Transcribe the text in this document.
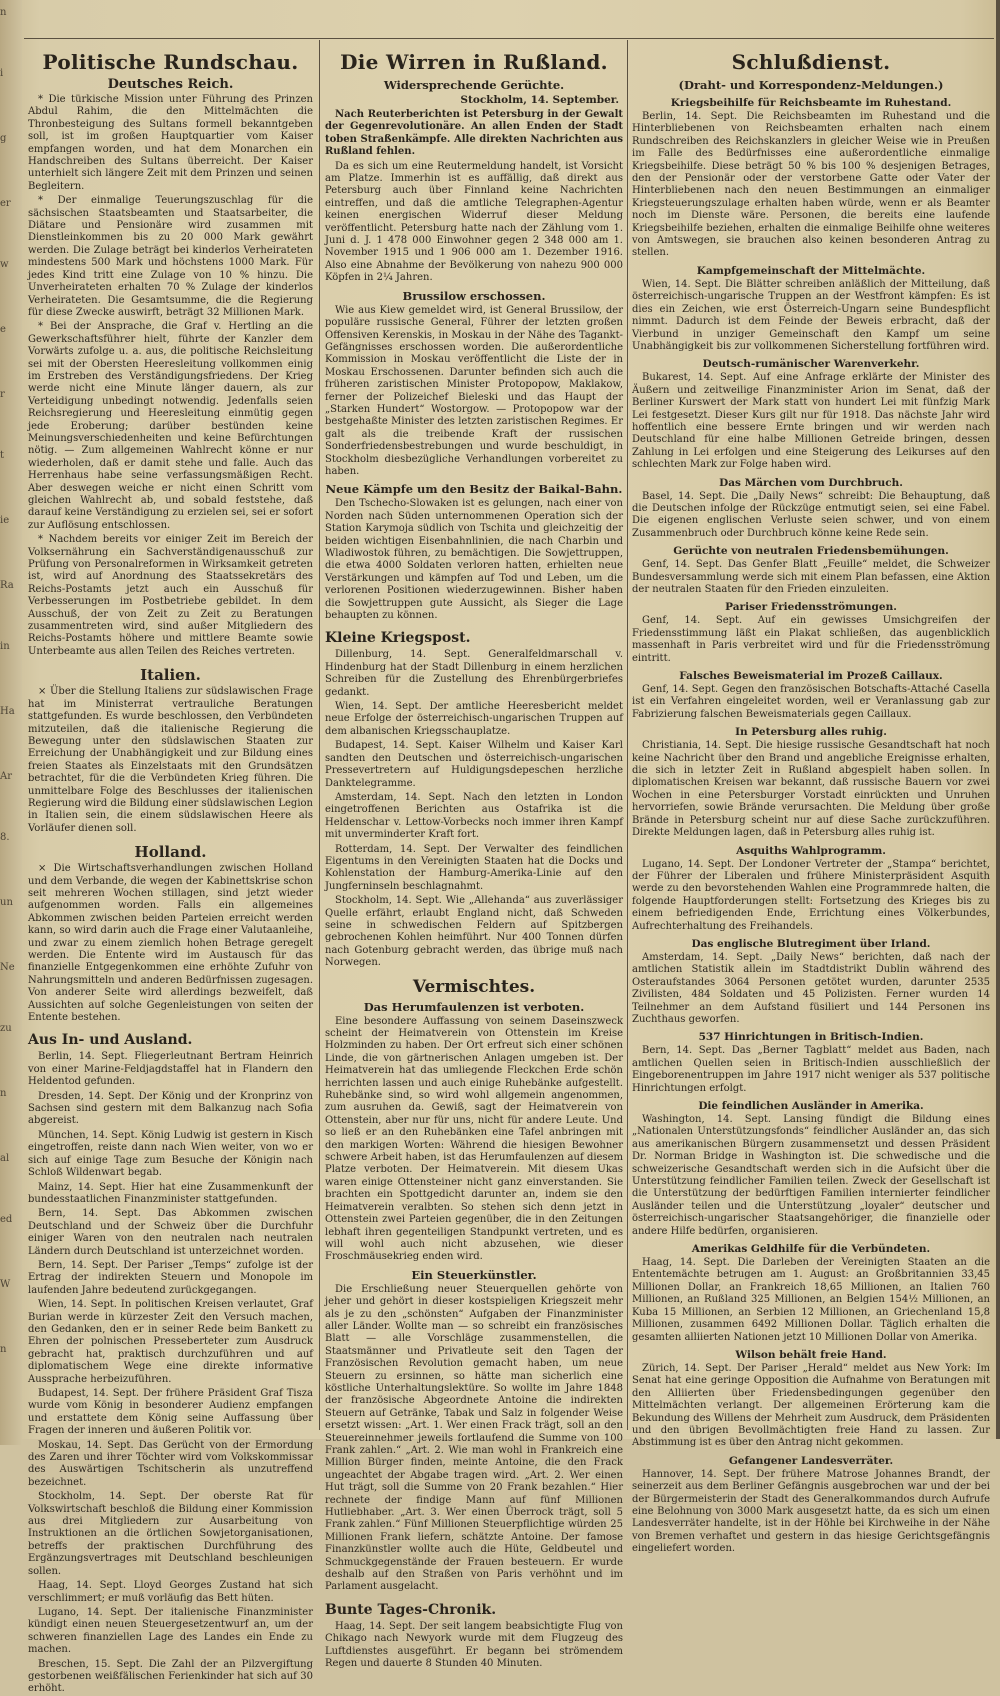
n
i
g
er
w
e
r
t
ie
Ra
in
Ha
Ar
8.
un
Ne
zu
n
al
ed
W
n
Politische Rundschau.
Deutsches Reich.

* Die türkische Mission unter Führung des Prinzen Abdul Rahim, die den Mittelmächten die Thronbesteigung des Sultans formell bekanntgeben soll, ist im großen Hauptquartier vom Kaiser empfangen worden, und hat dem Monarchen ein Handschreiben des Sultans überreicht. Der Kaiser unterhielt sich längere Zeit mit dem Prinzen und seinen Begleitern.

* Der einmalige Teuerungszuschlag für die sächsischen Staatsbeamten und Staatsarbeiter, die Diätare und Pensionäre wird zusammen mit Dienstleinkommen bis zu 20 000 Mark gewährt werden. Die Zulage beträgt bei kinderlos Verheirateten mindestens 500 Mark und höchstens 1000 Mark. Für jedes Kind tritt eine Zulage von 10 % hinzu. Die Unverheirateten erhalten 70 % Zulage der kinderlos Verheirateten. Die Gesamtsumme, die die Regierung für diese Zwecke auswirft, beträgt 32 Millionen Mark.

* Bei der Ansprache, die Graf v. Hertling an die Gewerkschaftsführer hielt, führte der Kanzler dem Vorwärts zufolge u. a. aus, die politische Reichsleitung sei mit der Obersten Heeresleitung vollkommen einig im Erstreben des Verständigungsfriedens. Der Krieg werde nicht eine Minute länger dauern, als zur Verteidigung unbedingt notwendig. Jedenfalls seien Reichsregierung und Heeresleitung einmütig gegen jede Eroberung; darüber bestünden keine Meinungsverschiedenheiten und keine Befürchtungen nötig. — Zum allgemeinen Wahlrecht könne er nur wiederholen, daß er damit stehe und falle. Auch das Herrenhaus habe seine verfassungsmäßigen Recht. Aber deswegen weiche er nicht einen Schritt vom gleichen Wahlrecht ab, und sobald feststehe, daß darauf keine Verständigung zu erzielen sei, sei er sofort zur Auflösung entschlossen.

* Nachdem bereits vor einiger Zeit im Bereich der Volksernährung ein Sachverständigenausschuß zur Prüfung von Personalreformen in Wirksamkeit getreten ist, wird auf Anordnung des Staatssekretärs des Reichs-Postamts jetzt auch ein Ausschuß für Verbesserungen im Postbetriebe gebildet. In dem Ausschuß, der von Zeit zu Zeit zu Beratungen zusammentreten wird, sind außer Mitgliedern des Reichs-Postamts höhere und mittlere Beamte sowie Unterbeamte aus allen Teilen des Reiches vertreten.

Italien.

× Über die Stellung Italiens zur südslawischen Frage hat im Ministerrat vertrauliche Beratungen stattgefunden. Es wurde beschlossen, den Verbündeten mitzuteilen, daß die italienische Regierung die Bewegung unter den südslawischen Staaten zur Erreichung der Unabhängigkeit und zur Bildung eines freien Staates als Einzelstaats mit den Grundsätzen betrachtet, für die die Verbündeten Krieg führen. Die unmittelbare Folge des Beschlusses der italienischen Regierung wird die Bildung einer südslawischen Legion in Italien sein, die einem südslawischen Heere als Vorläufer dienen soll.

Holland.

× Die Wirtschaftsverhandlungen zwischen Holland und dem Verbande, die wegen der Kabinettskrise schon seit mehreren Wochen stillagen, sind jetzt wieder aufgenommen worden. Falls ein allgemeines Abkommen zwischen beiden Parteien erreicht werden kann, so wird darin auch die Frage einer Valutaanleihe, und zwar zu einem ziemlich hohen Betrage geregelt werden. Die Entente wird im Austausch für das finanzielle Entgegenkommen eine erhöhte Zufuhr von Nahrungsmitteln und anderen Bedürfnissen zugesagen. Von anderer Seite wird allerdings bezweifelt, daß Aussichten auf solche Gegenleistungen von seiten der Entente bestehen.

Aus In- und Ausland.

Berlin, 14. Sept. Fliegerleutnant Bertram Heinrich von einer Marine-Feldjagdstaffel hat in Flandern den Heldentod gefunden.

Dresden, 14. Sept. Der König und der Kronprinz von Sachsen sind gestern mit dem Balkanzug nach Sofia abgereist.

München, 14. Sept. König Ludwig ist gestern in Kisch eingetroffen, reiste dann nach Wien weiter, von wo er sich auf einige Tage zum Besuche der Königin nach Schloß Wildenwart begab.

Mainz, 14. Sept. Hier hat eine Zusammenkunft der bundesstaatlichen Finanzminister stattgefunden.

Bern, 14. Sept. Das Abkommen zwischen Deutschland und der Schweiz über die Durchfuhr einiger Waren von den neutralen nach neutralen Ländern durch Deutschland ist unterzeichnet worden.

Bern, 14. Sept. Der Pariser „Temps“ zufolge ist der Ertrag der indirekten Steuern und Monopole im laufenden Jahre bedeutend zurückgegangen.

Wien, 14. Sept. In politischen Kreisen verlautet, Graf Burian werde in kürzester Zeit den Versuch machen, den Gedanken, den er in seiner Rede beim Bankett zu Ehren der polnischen Presseberteter zum Ausdruck gebracht hat, praktisch durchzuführen und auf diplomatischem Wege eine direkte informative Aussprache herbeizuführen.

Budapest, 14. Sept. Der frühere Präsident Graf Tisza wurde vom König in besonderer Audienz empfangen und erstattete dem König seine Auffassung über Fragen der inneren und äußeren Politik vor.

Moskau, 14. Sept. Das Gerücht von der Ermordung des Zaren und ihrer Töchter wird vom Volkskommissar des Auswärtigen Tschitscherin als unzutreffend bezeichnet.

Stockholm, 14. Sept. Der oberste Rat für Volkswirtschaft beschloß die Bildung einer Kommission aus drei Mitgliedern zur Ausarbeitung von Instruktionen an die örtlichen Sowjetorganisationen, betreffs der praktischen Durchführung des Ergänzungsvertrages mit Deutschland beschleunigen sollen.

Haag, 14. Sept. Lloyd Georges Zustand hat sich verschlimmert; er muß vorläufig das Bett hüten.

Lugano, 14. Sept. Der italienische Finanzminister kündigt einen neuen Steuergesetzentwurf an, um der schweren finanziellen Lage des Landes ein Ende zu machen.

Breschen, 15. Sept. Die Zahl der an Pilzvergiftung gestorbenen weißfälischen Ferienkinder hat sich auf 30 erhöht.

Die Wirren in Rußland.
Widersprechende Gerüchte.
Stockholm, 14. September.

Nach Reuterberichten ist Petersburg in der Gewalt der Gegenrevolutionäre. An allen Enden der Stadt toben Straßenkämpfe. Alle direkten Nachrichten aus Rußland fehlen.

Da es sich um eine Reutermeldung handelt, ist Vorsicht am Platze. Immerhin ist es auffällig, daß direkt aus Petersburg auch über Finnland keine Nachrichten eintreffen, und daß die amtliche Telegraphen-Agentur keinen energischen Widerruf dieser Meldung veröffentlicht. Petersburg hatte nach der Zählung vom 1. Juni d. J. 1 478 000 Einwohner gegen 2 348 000 am 1. November 1915 und 1 906 000 am 1. Dezember 1916. Also eine Abnahme der Bevölkerung von nahezu 900 000 Köpfen in 2¼ Jahren.

Brussilow erschossen.

Wie aus Kiew gemeldet wird, ist General Brussilow, der populäre russische General, Führer der letzten großen Offensiven Kerenskis, in Moskau in der Nähe des Tagankt-Gefängnisses erschossen worden. Die außerordentliche Kommission in Moskau veröffentlicht die Liste der in Moskau Erschossenen. Darunter befinden sich auch die früheren zaristischen Minister Protopopow, Maklakow, ferner der Polizeichef Bieleski und das Haupt der „Starken Hundert“ Wostorgow. — Protopopow war der bestgehaßte Minister des letzten zaristischen Regimes. Er galt als die treibende Kraft der russischen Sonderfriedensbestrebungen und wurde beschuldigt, in Stockholm diesbezügliche Verhandlungen vorbereitet zu haben.

Neue Kämpfe um den Besitz der Baikal-Bahn.

Den Tschecho-Slowaken ist es gelungen, nach einer von Norden nach Süden unternommenen Operation sich der Station Karymoja südlich von Tschita und gleichzeitig der beiden wichtigen Eisenbahnlinien, die nach Charbin und Wladiwostok führen, zu bemächtigen. Die Sowjettruppen, die etwa 4000 Soldaten verloren hatten, erhielten neue Verstärkungen und kämpfen auf Tod und Leben, um die verlorenen Positionen wiederzugewinnen. Bisher haben die Sowjettruppen gute Aussicht, als Sieger die Lage behaupten zu können.

Kleine Kriegspost.

Dillenburg, 14. Sept. Generalfeldmarschall v. Hindenburg hat der Stadt Dillenburg in einem herzlichen Schreiben für die Zustellung des Ehrenbürgerbriefes gedankt.

Wien, 14. Sept. Der amtliche Heeresbericht meldet neue Erfolge der österreichisch-ungarischen Truppen auf dem albanischen Kriegsschauplatze.

Budapest, 14. Sept. Kaiser Wilhelm und Kaiser Karl sandten den Deutschen und österreichisch-ungarischen Pressevertretern auf Huldigungsdepeschen herzliche Danktelegramme.

Amsterdam, 14. Sept. Nach den letzten in London eingetroffenen Berichten aus Ostafrika ist die Heldenschar v. Lettow-Vorbecks noch immer ihren Kampf mit unverminderter Kraft fort.

Rotterdam, 14. Sept. Der Verwalter des feindlichen Eigentums in den Vereinigten Staaten hat die Docks und Kohlenstation der Hamburg-Amerika-Linie auf den Jungferninseln beschlagnahmt.

Stockholm, 14. Sept. Wie „Allehanda“ aus zuverlässiger Quelle erfährt, erlaubt England nicht, daß Schweden seine in schwedischen Feldern auf Spitzbergen gebrochenen Kohlen heimführt. Nur 400 Tonnen dürfen nach Gotenburg gebracht werden, das übrige muß nach Norwegen.

Vermischtes.
Das Herumfaulenzen ist verboten.

Eine besondere Auffassung von seinem Daseinszweck scheint der Heimatverein von Ottenstein im Kreise Holzminden zu haben. Der Ort erfreut sich einer schönen Linde, die von gärtnerischen Anlagen umgeben ist. Der Heimatverein hat das umliegende Fleckchen Erde schön herrichten lassen und auch einige Ruhebänke aufgestellt. Ruhebänke sind, so wird wohl allgemein angenommen, zum ausruhen da. Gewiß, sagt der Heimatverein von Ottenstein, aber nur für uns, nicht für andere Leute. Und so ließ er an den Ruhebänken eine Tafel anbringen mit den markigen Worten: Während die hiesigen Bewohner schwere Arbeit haben, ist das Herumfaulenzen auf diesem Platze verboten. Der Heimatverein. Mit diesem Ukas waren einige Ottensteiner nicht ganz einverstanden. Sie brachten ein Spottgedicht darunter an, indem sie den Heimatverein veralbten. So stehen sich denn jetzt in Ottenstein zwei Parteien gegenüber, die in den Zeitungen lebhaft ihren gegenteiligen Standpunkt vertreten, und es will wohl auch nicht abzusehen, wie dieser Froschmäusekrieg enden wird.

Ein Steuerkünstler.

Die Erschließung neuer Steuerquellen gehörte von jeher und gehört in dieser kostspieligen Kriegszeit mehr als je zu den „schönsten“ Aufgaben der Finanzminister aller Länder. Wollte man — so schreibt ein französisches Blatt — alle Vorschläge zusammenstellen, die Staatsmänner und Privatleute seit den Tagen der Französischen Revolution gemacht haben, um neue Steuern zu ersinnen, so hätte man sicherlich eine köstliche Unterhaltungslektüre. So wollte im Jahre 1848 der französische Abgeordnete Antoine die indirekten Steuern auf Getränke, Tabak und Salz in folgender Weise ersetzt wissen: „Art. 1. Wer einen Frack trägt, soll an den Steuereinnehmer jeweils fortlaufend die Summe von 100 Frank zahlen.“ „Art. 2. Wie man wohl in Frankreich eine Million Bürger finden, meinte Antoine, die den Frack ungeachtet der Abgabe tragen wird. „Art. 2. Wer einen Hut trägt, soll die Summe von 20 Frank bezahlen.“ Hier rechnete der findige Mann auf fünf Millionen Hutliebhaber. „Art. 3. Wer einen Überrock trägt, soll 5 Frank zahlen.“ Fünf Millionen Steuerpflichtige würden 25 Millionen Frank liefern, schätzte Antoine. Der famose Finanzkünstler wollte auch die Hüte, Geldbeutel und Schmuckgegenstände der Frauen besteuern. Er wurde deshalb auf den Straßen von Paris verhöhnt und im Parlament ausgelacht.

Bunte Tages-Chronik.

Haag, 14. Sept. Der seit langem beabsichtigte Flug von Chikago nach Newyork wurde mit dem Flugzeug des Luftdienstes ausgeführt. Er begann bei strömendem Regen und dauerte 8 Stunden 40 Minuten.

Schlußdienst.
(Draht- und Korrespondenz-Meldungen.)
Kriegsbeihilfe für Reichsbeamte im Ruhestand.

Berlin, 14. Sept. Die Reichsbeamten im Ruhestand und die Hinterbliebenen von Reichsbeamten erhalten nach einem Rundschreiben des Reichskanzlers in gleicher Weise wie in Preußen im Falle des Bedürfnisses eine außerordentliche einmalige Kriegsbeihilfe. Diese beträgt 50 % bis 100 % desjenigen Betrages, den der Pensionär oder der verstorbene Gatte oder Vater der Hinterbliebenen nach den neuen Bestimmungen an einmaliger Kriegsteuerungszulage erhalten haben würde, wenn er als Beamter noch im Dienste wäre. Personen, die bereits eine laufende Kriegsbeihilfe beziehen, erhalten die einmalige Beihilfe ohne weiteres von Amtswegen, sie brauchen also keinen besonderen Antrag zu stellen.

Kampfgemeinschaft der Mittelmächte.

Wien, 14. Sept. Die Blätter schreiben anläßlich der Mitteilung, daß österreichisch-ungarische Truppen an der Westfront kämpfen: Es ist dies ein Zeichen, wie erst Österreich-Ungarn seine Bundespflicht nimmt. Dadurch ist dem Feinde der Beweis erbracht, daß der Vierbund in unziger Gemeinschaft den Kampf um seine Unabhängigkeit bis zur vollkommenen Sicherstellung fortführen wird.

Deutsch-rumänischer Warenverkehr.

Bukarest, 14. Sept. Auf eine Anfrage erklärte der Minister des Äußern und zeitweilige Finanzminister Arion im Senat, daß der Berliner Kurswert der Mark statt von hundert Lei mit fünfzig Mark Lei festgesetzt. Dieser Kurs gilt nur für 1918. Das nächste Jahr wird hoffentlich eine bessere Ernte bringen und wir werden nach Deutschland für eine halbe Millionen Getreide bringen, dessen Zahlung in Lei erfolgen und eine Steigerung des Leikurses auf den schlechten Mark zur Folge haben wird.

Das Märchen vom Durchbruch.

Basel, 14. Sept. Die „Daily News“ schreibt: Die Behauptung, daß die Deutschen infolge der Rückzüge entmutigt seien, sei eine Fabel. Die eigenen englischen Verluste seien schwer, und von einem Zusammenbruch oder Durchbruch könne keine Rede sein.

Gerüchte von neutralen Friedensbemühungen.

Genf, 14. Sept. Das Genfer Blatt „Feuille“ meldet, die Schweizer Bundesversammlung werde sich mit einem Plan befassen, eine Aktion der neutralen Staaten für den Frieden einzuleiten.

Pariser Friedensströmungen.

Genf, 14. Sept. Auf ein gewisses Umsichgreifen der Friedensstimmung läßt ein Plakat schließen, das augenblicklich massenhaft in Paris verbreitet wird und für die Friedensströmung eintritt.

Falsches Beweismaterial im Prozeß Caillaux.

Genf, 14. Sept. Gegen den französischen Botschafts-Attaché Casella ist ein Verfahren eingeleitet worden, weil er Veranlassung gab zur Fabrizierung falschen Beweismaterials gegen Caillaux.

In Petersburg alles ruhig.

Christiania, 14. Sept. Die hiesige russische Gesandtschaft hat noch keine Nachricht über den Brand und angebliche Ereignisse erhalten, die sich in letzter Zeit in Rußland abgespielt haben sollen. In diplomatischen Kreisen war bekannt, daß russische Bauern vor zwei Wochen in eine Petersburger Vorstadt einrückten und Unruhen hervorriefen, sowie Brände verursachten. Die Meldung über große Brände in Petersburg scheint nur auf diese Sache zurückzuführen. Direkte Meldungen lagen, daß in Petersburg alles ruhig ist.

Asquiths Wahlprogramm.

Lugano, 14. Sept. Der Londoner Vertreter der „Stampa“ berichtet, der Führer der Liberalen und frühere Ministerpräsident Asquith werde zu den bevorstehenden Wahlen eine Programmrede halten, die folgende Hauptforderungen stellt: Fortsetzung des Krieges bis zu einem befriedigenden Ende, Errichtung eines Völkerbundes, Aufrechterhaltung des Freihandels.

Das englische Blutregiment über Irland.

Amsterdam, 14. Sept. „Daily News“ berichten, daß nach der amtlichen Statistik allein im Stadtdistrikt Dublin während des Osteraufstandes 3064 Personen getötet wurden, darunter 2535 Zivilisten, 484 Soldaten und 45 Polizisten. Ferner wurden 14 Teilnehmer an dem Aufstand füsiliert und 144 Personen ins Zuchthaus geworfen.

537 Hinrichtungen in Britisch-Indien.

Bern, 14. Sept. Das „Berner Tagblatt“ meldet aus Baden, nach amtlichen Quellen seien in Britisch-Indien ausschließlich der Eingeborenentruppen im Jahre 1917 nicht weniger als 537 politische Hinrichtungen erfolgt.

Die feindlichen Ausländer in Amerika.

Washington, 14. Sept. Lansing fündigt die Bildung eines „Nationalen Unterstützungsfonds“ feindlicher Ausländer an, das sich aus amerikanischen Bürgern zusammensetzt und dessen Präsident Dr. Norman Bridge in Washington ist. Die schwedische und die schweizerische Gesandtschaft werden sich in die Aufsicht über die Unterstützung feindlicher Familien teilen. Zweck der Gesellschaft ist die Unterstützung der bedürftigen Familien internierter feindlicher Ausländer teilen und die Unterstützung „loyaler“ deutscher und österreichisch-ungarischer Staatsangehöriger, die finanzielle oder andere Hilfe bedürfen, organisieren.

Amerikas Geldhilfe für die Verbündeten.

Haag, 14. Sept. Die Darleben der Vereinigten Staaten an die Ententemächte betrugen am 1. August: an Großbritannien 33,45 Millionen Dollar, an Frankreich 18,65 Millionen, an Italien 760 Millionen, an Rußland 325 Millionen, an Belgien 154½ Millionen, an Kuba 15 Millionen, an Serbien 12 Millionen, an Griechenland 15,8 Millionen, zusammen 6492 Millionen Dollar. Täglich erhalten die gesamten alliierten Nationen jetzt 10 Millionen Dollar von Amerika.

Wilson behält freie Hand.

Zürich, 14. Sept. Der Pariser „Herald“ meldet aus New York: Im Senat hat eine geringe Opposition die Aufnahme von Beratungen mit den Alliierten über Friedensbedingungen gegenüber den Mittelmächten verlangt. Der allgemeinen Erörterung kam die Bekundung des Willens der Mehrheit zum Ausdruck, dem Präsidenten und den übrigen Bevollmächtigten freie Hand zu lassen. Zur Abstimmung ist es über den Antrag nicht gekommen.

Gefangener Landesverräter.

Hannover, 14. Sept. Der frühere Matrose Johannes Brandt, der seinerzeit aus dem Berliner Gefängnis ausgebrochen war und der bei der Bürgermeisterin der Stadt des Generalkommandos durch Aufrufe eine Belohnung von 3000 Mark ausgesetzt hatte, da es sich um einen Landesverräter handelte, ist in der Höhle bei Kirchweihe in der Nähe von Bremen verhaftet und gestern in das hiesige Gerichtsgefängnis eingeliefert worden.
